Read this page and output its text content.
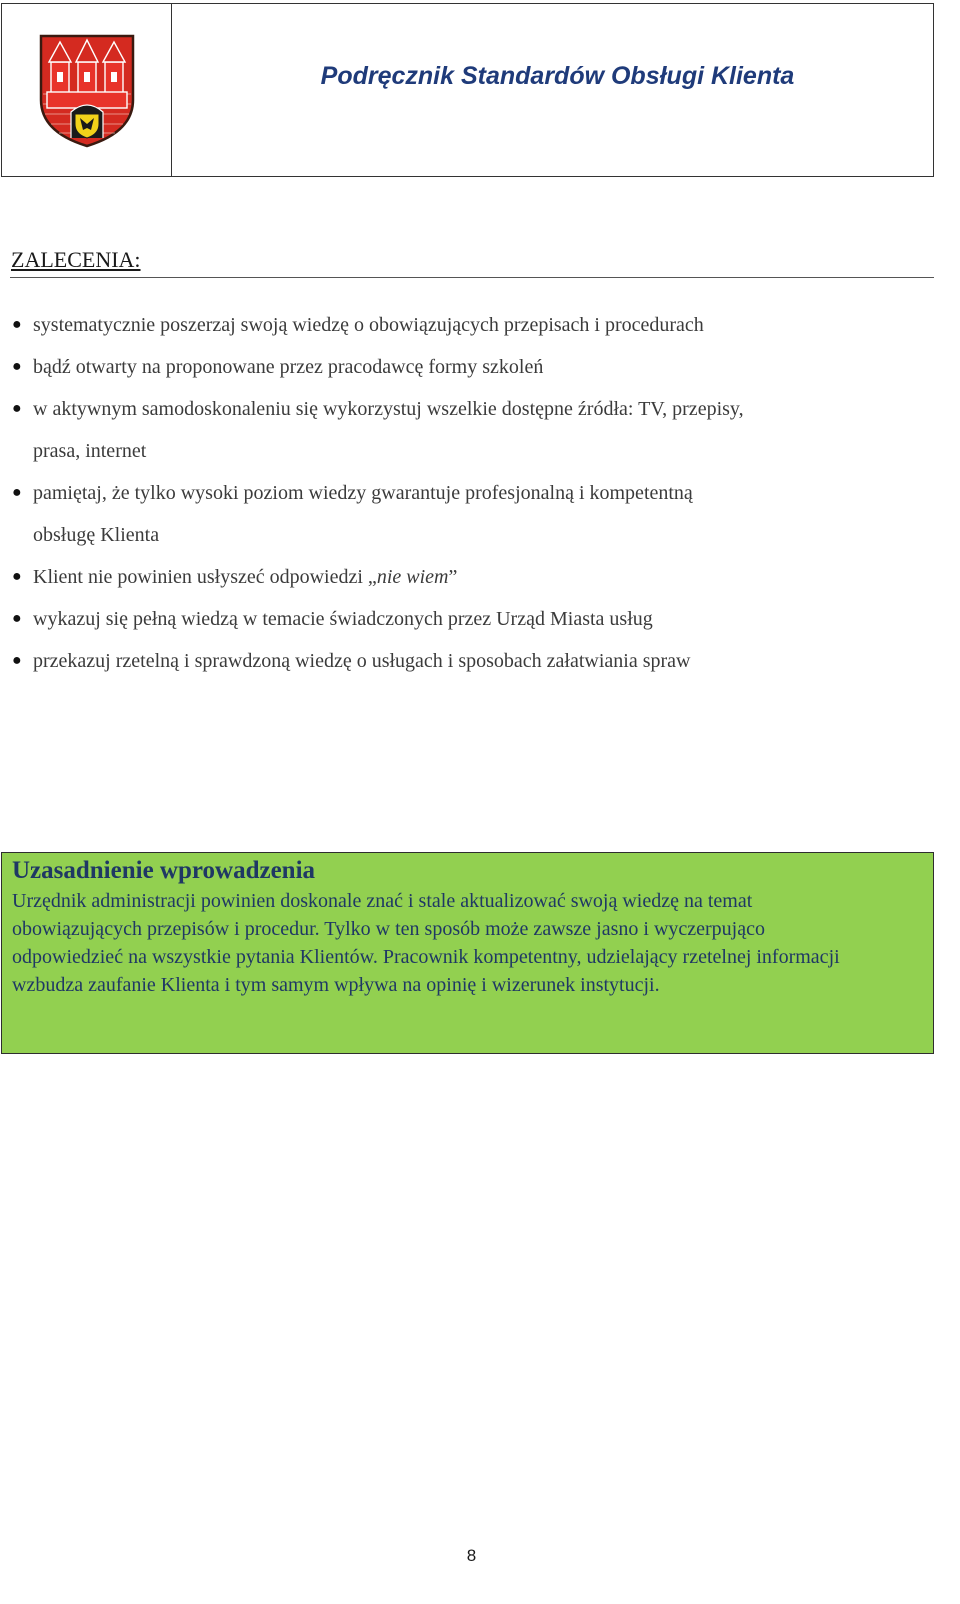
Podręcznik Standardów Obsługi Klienta
ZALECENIA:
● systematycznie poszerzaj swoją wiedzę o obowiązujących przepisach i procedurach
● bądź otwarty na proponowane przez pracodawcę formy szkoleń
● w aktywnym samodoskonaleniu się wykorzystuj wszelkie dostępne źródła: TV, przepisy, prasa, internet
● pamiętaj, że tylko wysoki poziom wiedzy gwarantuje profesjonalną i kompetentną obsługę Klienta
● Klient nie powinien usłyszeć odpowiedzi „nie wiem”
● wykazuj się pełną wiedzą w temacie świadczonych przez Urząd Miasta usług
● przekazuj rzetelną i sprawdzoną wiedzę o usługach i sposobach załatwiania spraw
Uzasadnienie wprowadzenia

Urzędnik administracji powinien doskonale znać i stale aktualizować swoją wiedzę na temat obowiązujących przepisów i procedur. Tylko w ten sposób może zawsze jasno i wyczerpująco odpowiedzieć na wszystkie pytania Klientów. Pracownik kompetentny, udzielający rzetelnej informacji wzbudza zaufanie Klienta i tym samym wpływa na opinię i wizerunek instytucji.

8
